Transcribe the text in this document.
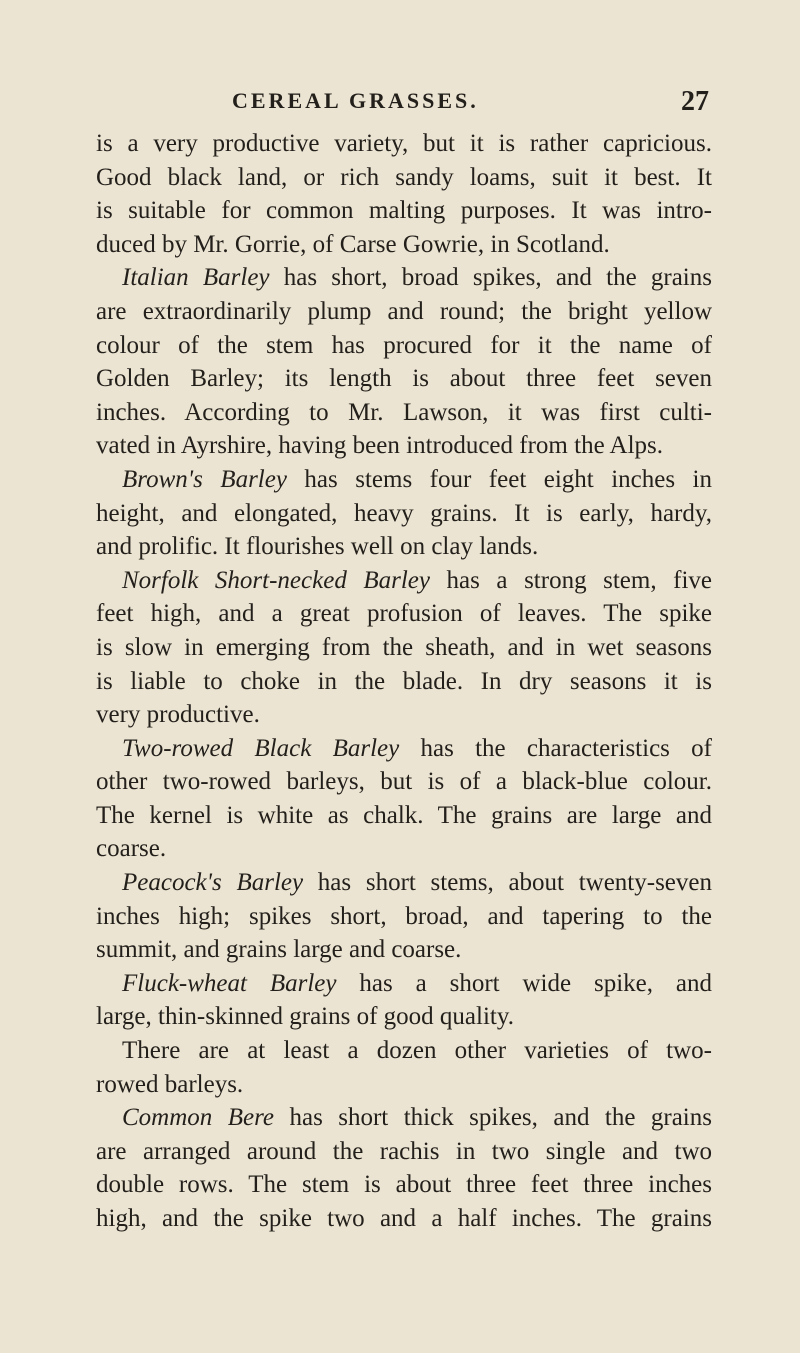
CEREAL GRASSES.	27
is a very productive variety, but it is rather capricious.
Good black land, or rich sandy loams, suit it best. It
is suitable for common malting purposes. It was intro-
duced by Mr. Gorrie, of Carse Gowrie, in Scotland.
Italian Barley has short, broad spikes, and the grains
are extraordinarily plump and round; the bright yellow
colour of the stem has procured for it the name of
Golden Barley; its length is about three feet seven
inches. According to Mr. Lawson, it was first culti-
vated in Ayrshire, having been introduced from the Alps.
Brown's Barley has stems four feet eight inches in
height, and elongated, heavy grains. It is early, hardy,
and prolific. It flourishes well on clay lands.
Norfolk Short-necked Barley has a strong stem, five
feet high, and a great profusion of leaves. The spike
is slow in emerging from the sheath, and in wet seasons
is liable to choke in the blade. In dry seasons it is
very productive.
Two-rowed Black Barley has the characteristics of
other two-rowed barleys, but is of a black-blue colour.
The kernel is white as chalk. The grains are large and
coarse.
Peacock's Barley has short stems, about twenty-seven
inches high; spikes short, broad, and tapering to the
summit, and grains large and coarse.
Fluck-wheat Barley has a short wide spike, and
large, thin-skinned grains of good quality.
There are at least a dozen other varieties of two-
rowed barleys.
Common Bere has short thick spikes, and the grains
are arranged around the rachis in two single and two
double rows. The stem is about three feet three inches
high, and the spike two and a half inches. The grains
